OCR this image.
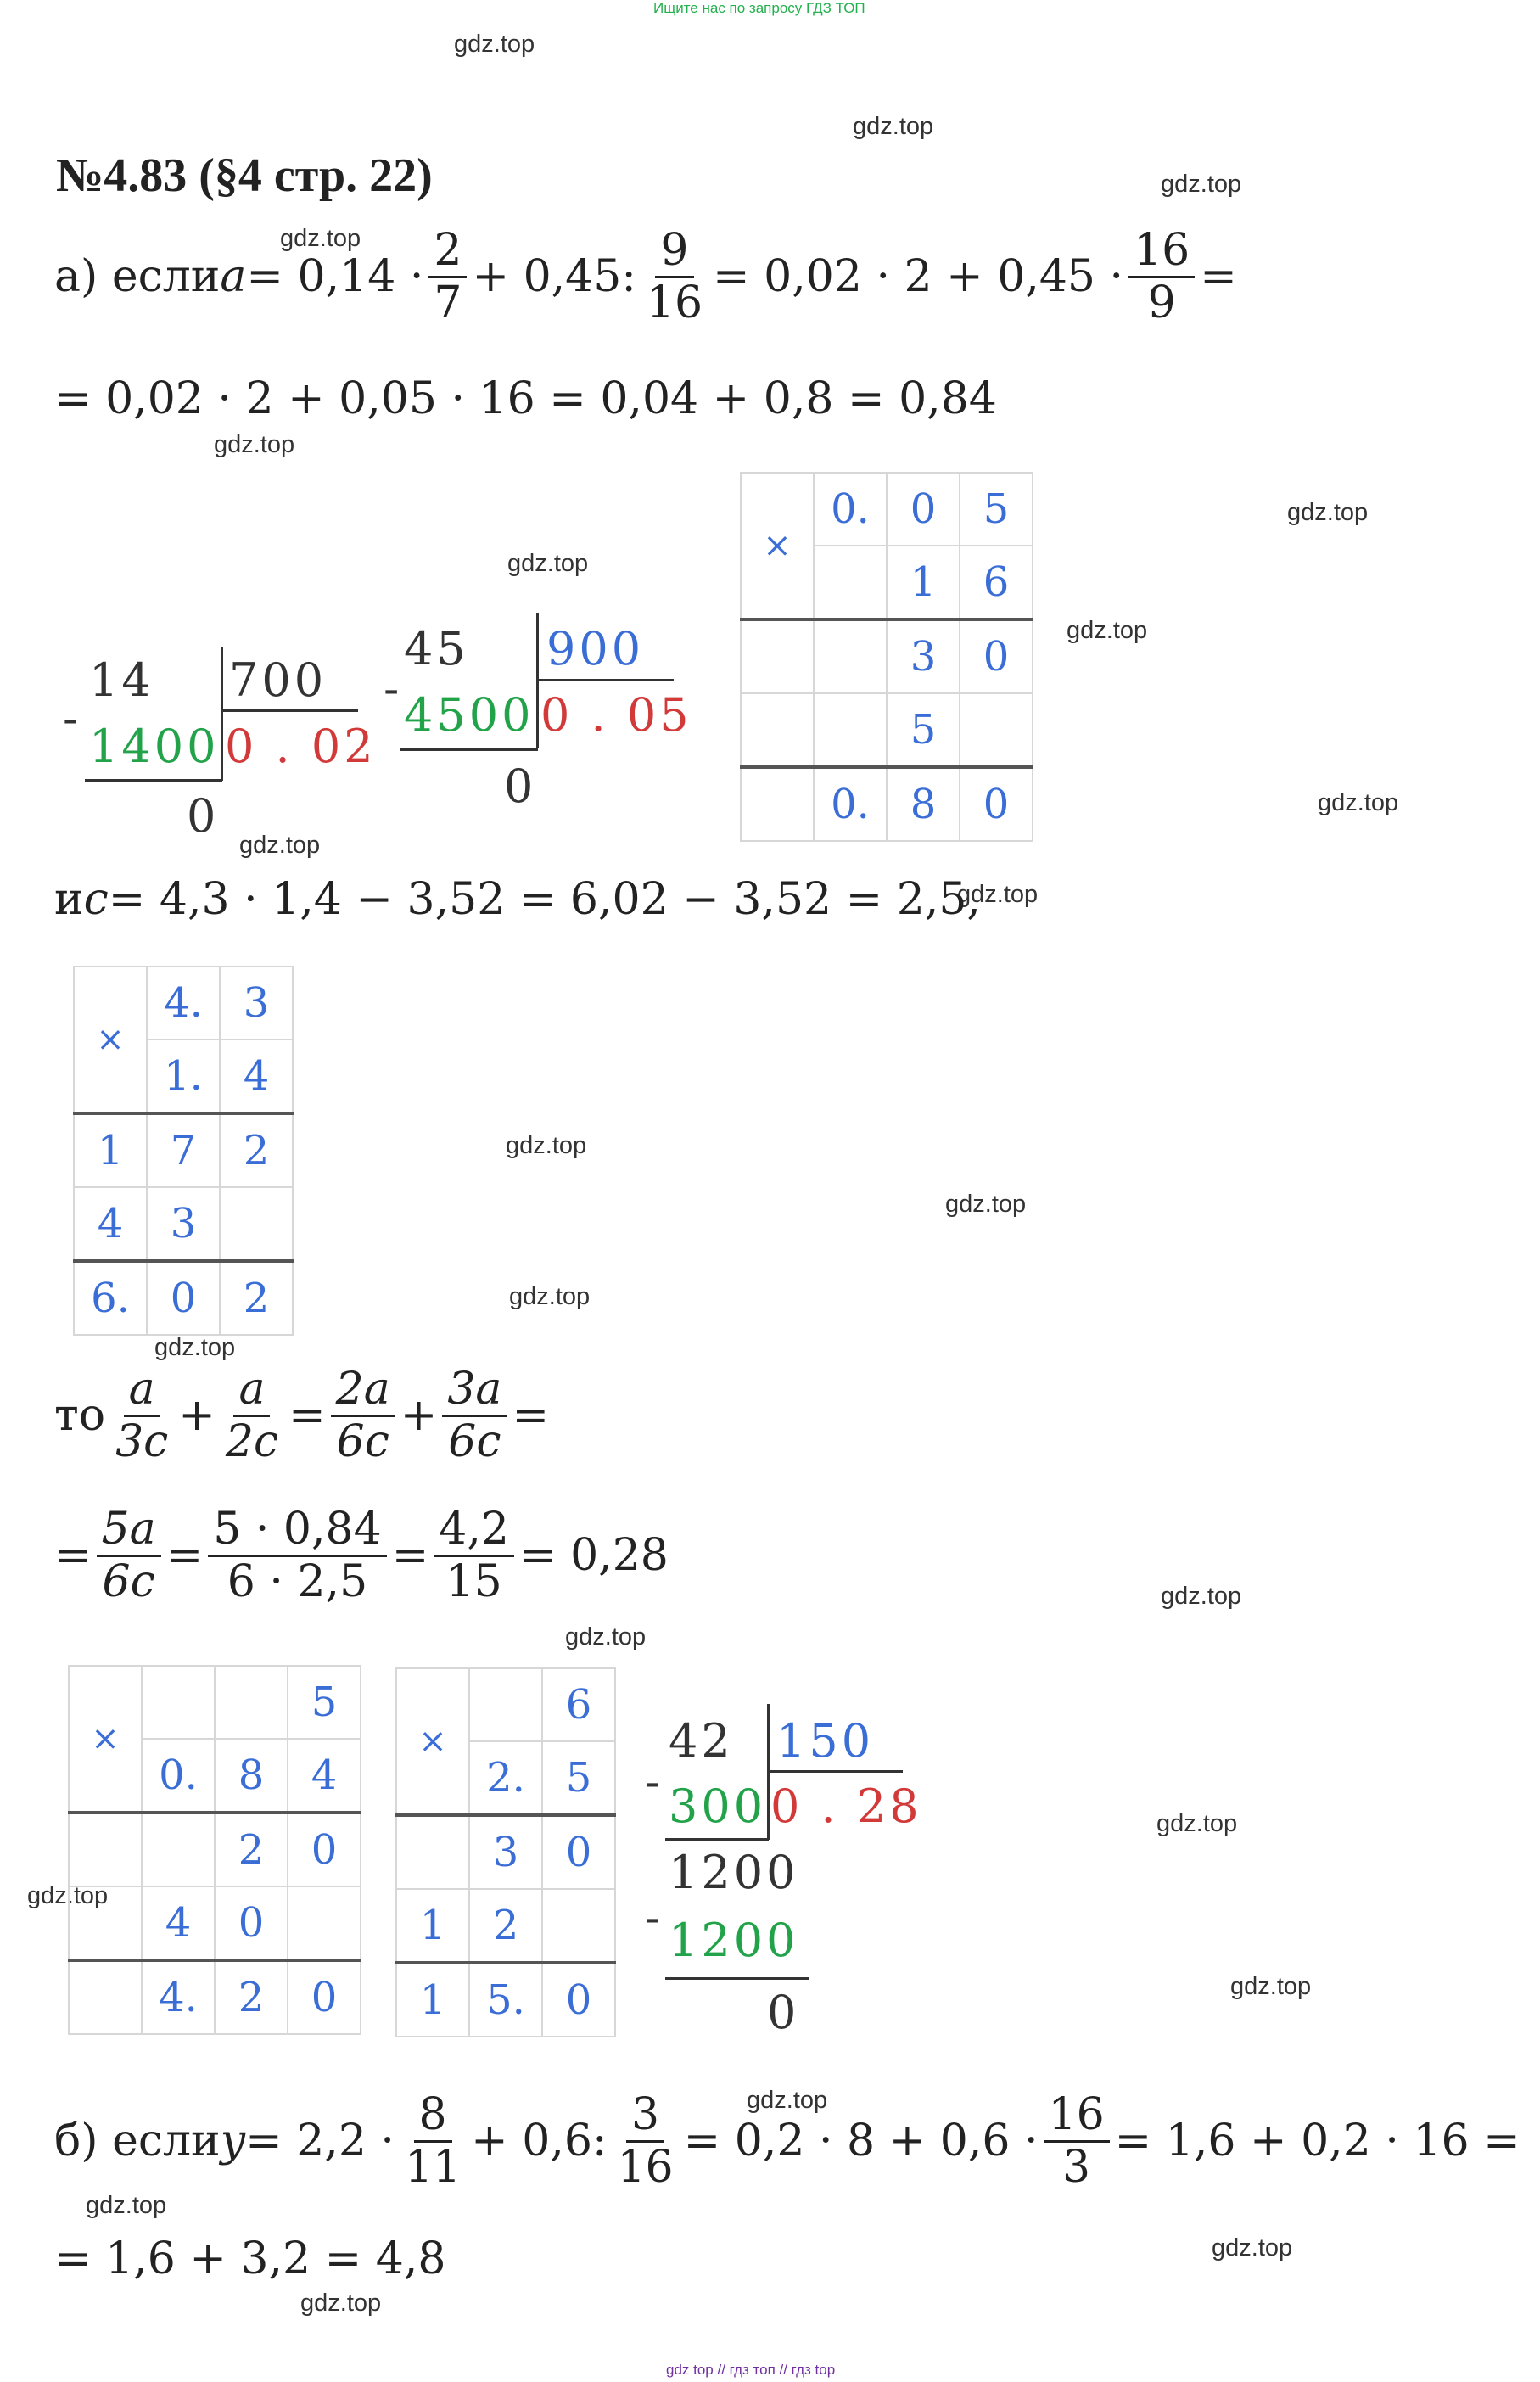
Ищите нас по запросу ГДЗ ТОП
gdz top // гдз топ // гдз top
gdz.top
gdz.top
gdz.top
gdz.top
gdz.top
gdz.top
gdz.top
gdz.top
gdz.top
gdz.top
gdz.top
gdz.top
gdz.top
gdz.top
gdz.top
gdz.top
gdz.top
gdz.top
gdz.top
gdz.top
gdz.top
gdz.top
gdz.top
gdz.top
№4.83 (§4 стр. 22)
а) если $a = 0,14 \cdot \frac{2}{7} + 0,45$: $\frac{9}{16} = 0,02 \cdot 2 + 0,45 \cdot \frac{16}{9}$ =
= 0,02 · 2 + 0,05 · 16 = 0,04 + 0,8 = 0,84
14
-
1400
700
0 . 02
0
45
- 4500
900
0 . 05
0
×	0.	0	5
		1	6
		3	0
		5	
	0.	8	0
и c = 4,3 · 1,4 − 3,52 = 6,02 − 3,52 = 2,5,
×	4.	3
	1.	4
1	7	2
4	3	
6.	0	2
то $\frac{a}{3c} + \frac{a}{2c} = \frac{2a}{6c} + \frac{3a}{6c}$ =
= $\frac{5a}{6c} = \frac{5 \cdot 0,84}{6 \cdot 2,5} = \frac{4,2}{15} = 0,28$
×			5
	0.	8	4
		2	0
	4	0	
	4.	2	0
×		6
	2.	5
	3	0
1	2	
1	5.	0
42
- 300
150
0 . 28
1200
- 1200
0
б) если $y = 2,2 \cdot \frac{8}{11} + 0,6$: $\frac{3}{16} = 0,2 \cdot 8 + 0,6 \cdot \frac{16}{3} = 1,6 + 0,2 \cdot 16$ =
= 1,6 + 3,2 = 4,8
